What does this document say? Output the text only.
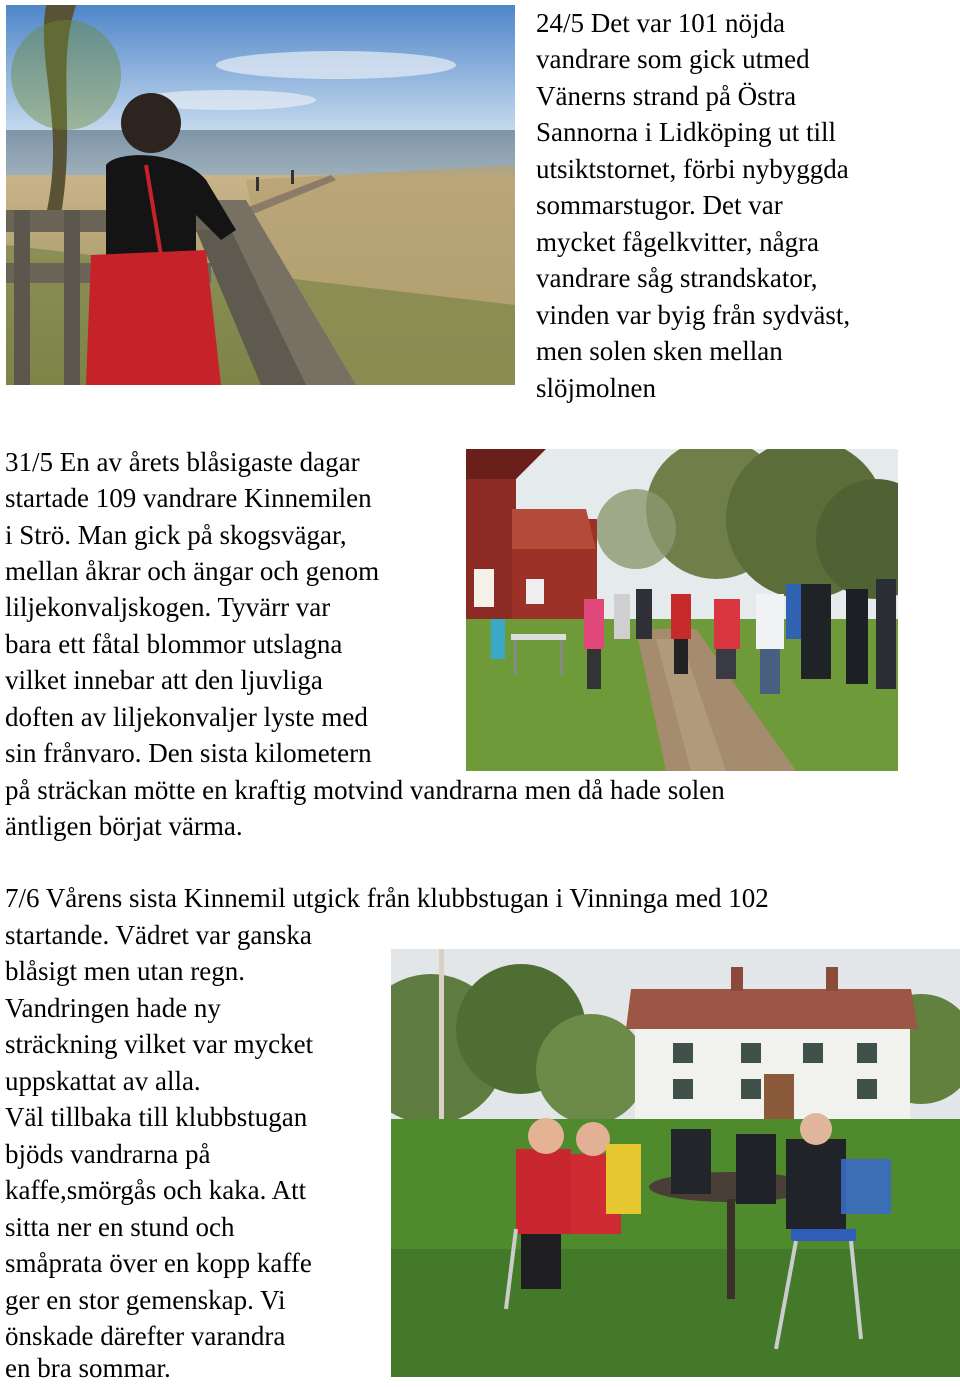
24/5 Det var 101 nöjda
vandrare som gick utmed
Vänerns strand på Östra
Sannorna i Lidköping ut till
utsiktstornet, förbi nybyggda
sommarstugor. Det var
mycket fågelkvitter, några
vandrare såg strandskator,
vinden var byig från sydväst,
men solen sken mellan
slöjmolnen
31/5 En av årets blåsigaste dagar
startade 109 vandrare Kinnemilen
i Strö. Man gick på skogsvägar,
mellan åkrar och ängar och genom
liljekonvaljskogen. Tyvärr var
bara ett fåtal blommor utslagna
vilket innebar att den ljuvliga
doften av liljekonvaljer lyste med
sin frånvaro. Den sista kilometern
på sträckan mötte en kraftig motvind vandrarna men då hade solen
äntligen börjat värma.
7/6 Vårens sista Kinnemil utgick från klubbstugan i Vinninga med 102
startande. Vädret var ganska
blåsigt men utan regn.
Vandringen hade ny
sträckning vilket var mycket
uppskattat av alla.
Väl tillbaka till klubbstugan
bjöds vandrarna på
kaffe,smörgås och kaka. Att
sitta ner en stund och
småprata över en kopp kaffe
ger en stor gemenskap. Vi
önskade därefter varandra
en bra sommar.
